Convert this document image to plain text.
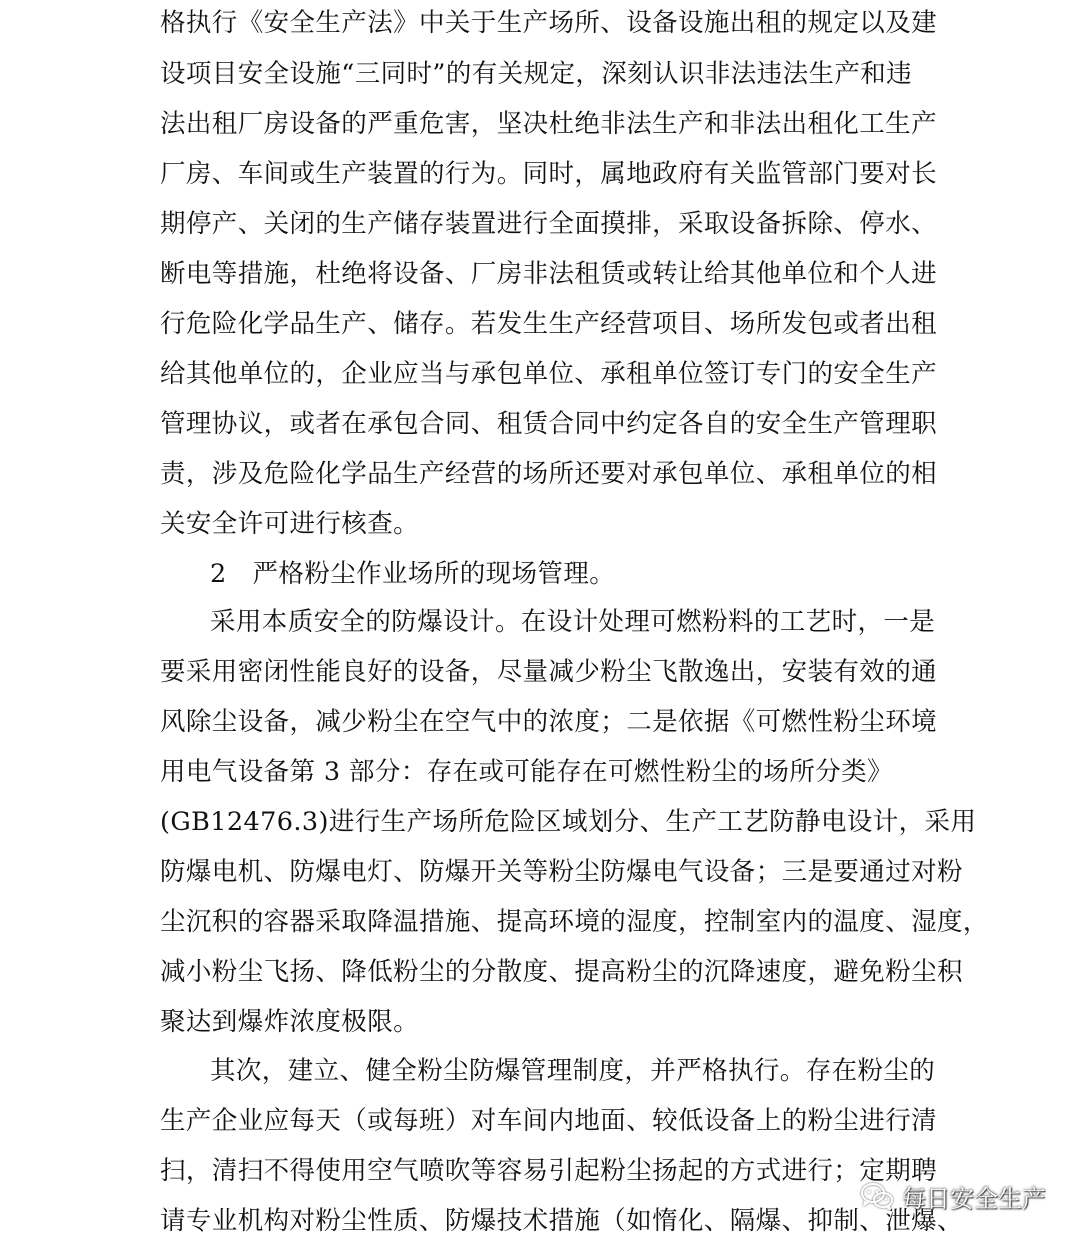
格执行《安全生产法》中关于生产场所、设备设施出租的规定以及建
设项目安全设施“三同时”的有关规定，深刻认识非法违法生产和违
法出租厂房设备的严重危害，坚决杜绝非法生产和非法出租化工生产
厂房、车间或生产装置的行为。同时，属地政府有关监管部门要对长
期停产、关闭的生产储存装置进行全面摸排，采取设备拆除、停水、
断电等措施，杜绝将设备、厂房非法租赁或转让给其他单位和个人进
行危险化学品生产、储存。若发生生产经营项目、场所发包或者出租
给其他单位的，企业应当与承包单位、承租单位签订专门的安全生产
管理协议，或者在承包合同、租赁合同中约定各自的安全生产管理职
责，涉及危险化学品生产经营的场所还要对承包单位、承租单位的相
关安全许可进行核查。
2　严格粉尘作业场所的现场管理。
采用本质安全的防爆设计。在设计处理可燃粉料的工艺时，一是
要采用密闭性能良好的设备，尽量减少粉尘飞散逸出，安装有效的通
风除尘设备，减少粉尘在空气中的浓度；二是依据《可燃性粉尘环境
用电气设备第 3 部分：存在或可能存在可燃性粉尘的场所分类》
(GB12476.3)进行生产场所危险区域划分、生产工艺防静电设计，采用
防爆电机、防爆电灯、防爆开关等粉尘防爆电气设备；三是要通过对粉
尘沉积的容器采取降温措施、提高环境的湿度，控制室内的温度、湿度，
减小粉尘飞扬、降低粉尘的分散度、提高粉尘的沉降速度，避免粉尘积
聚达到爆炸浓度极限。
其次，建立、健全粉尘防爆管理制度，并严格执行。存在粉尘的
生产企业应每天（或每班）对车间内地面、较低设备上的粉尘进行清
扫，清扫不得使用空气喷吹等容易引起粉尘扬起的方式进行；定期聘
请专业机构对粉尘性质、防爆技术措施（如惰化、隔爆、抑制、泄爆、
每日安全生产
